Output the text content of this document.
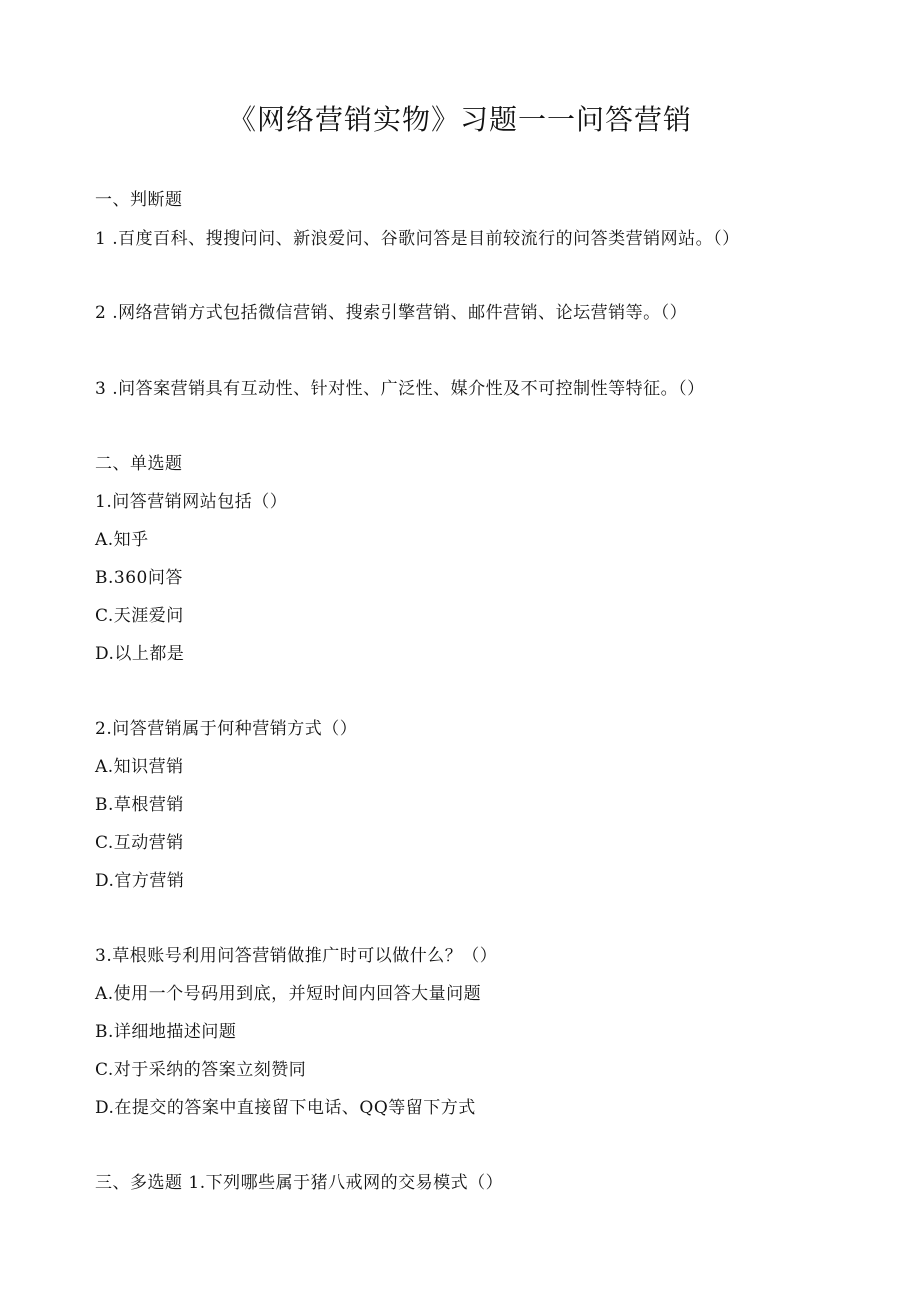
《网络营销实物》习题一一问答营销
一、判断题
1 .百度百科、搜搜问问、新浪爱问、谷歌问答是目前较流行的问答类营销网站。（）
2 .网络营销方式包括微信营销、搜索引擎营销、邮件营销、论坛营销等。（）
3 .问答案营销具有互动性、针对性、广泛性、媒介性及不可控制性等特征。（）
二、单选题
1.问答营销网站包括（）
A.知乎
B.360问答
C.天涯爱问
D.以上都是
2.问答营销属于何种营销方式（）
A.知识营销
B.草根营销
C.互动营销
D.官方营销
3.草根账号利用问答营销做推广时可以做什么？（）
A.使用一个号码用到底，并短时间内回答大量问题
B.详细地描述问题
C.对于采纳的答案立刻赞同
D.在提交的答案中直接留下电话、QQ等留下方式
三、多选题 1.下列哪些属于猪八戒网的交易模式（）
